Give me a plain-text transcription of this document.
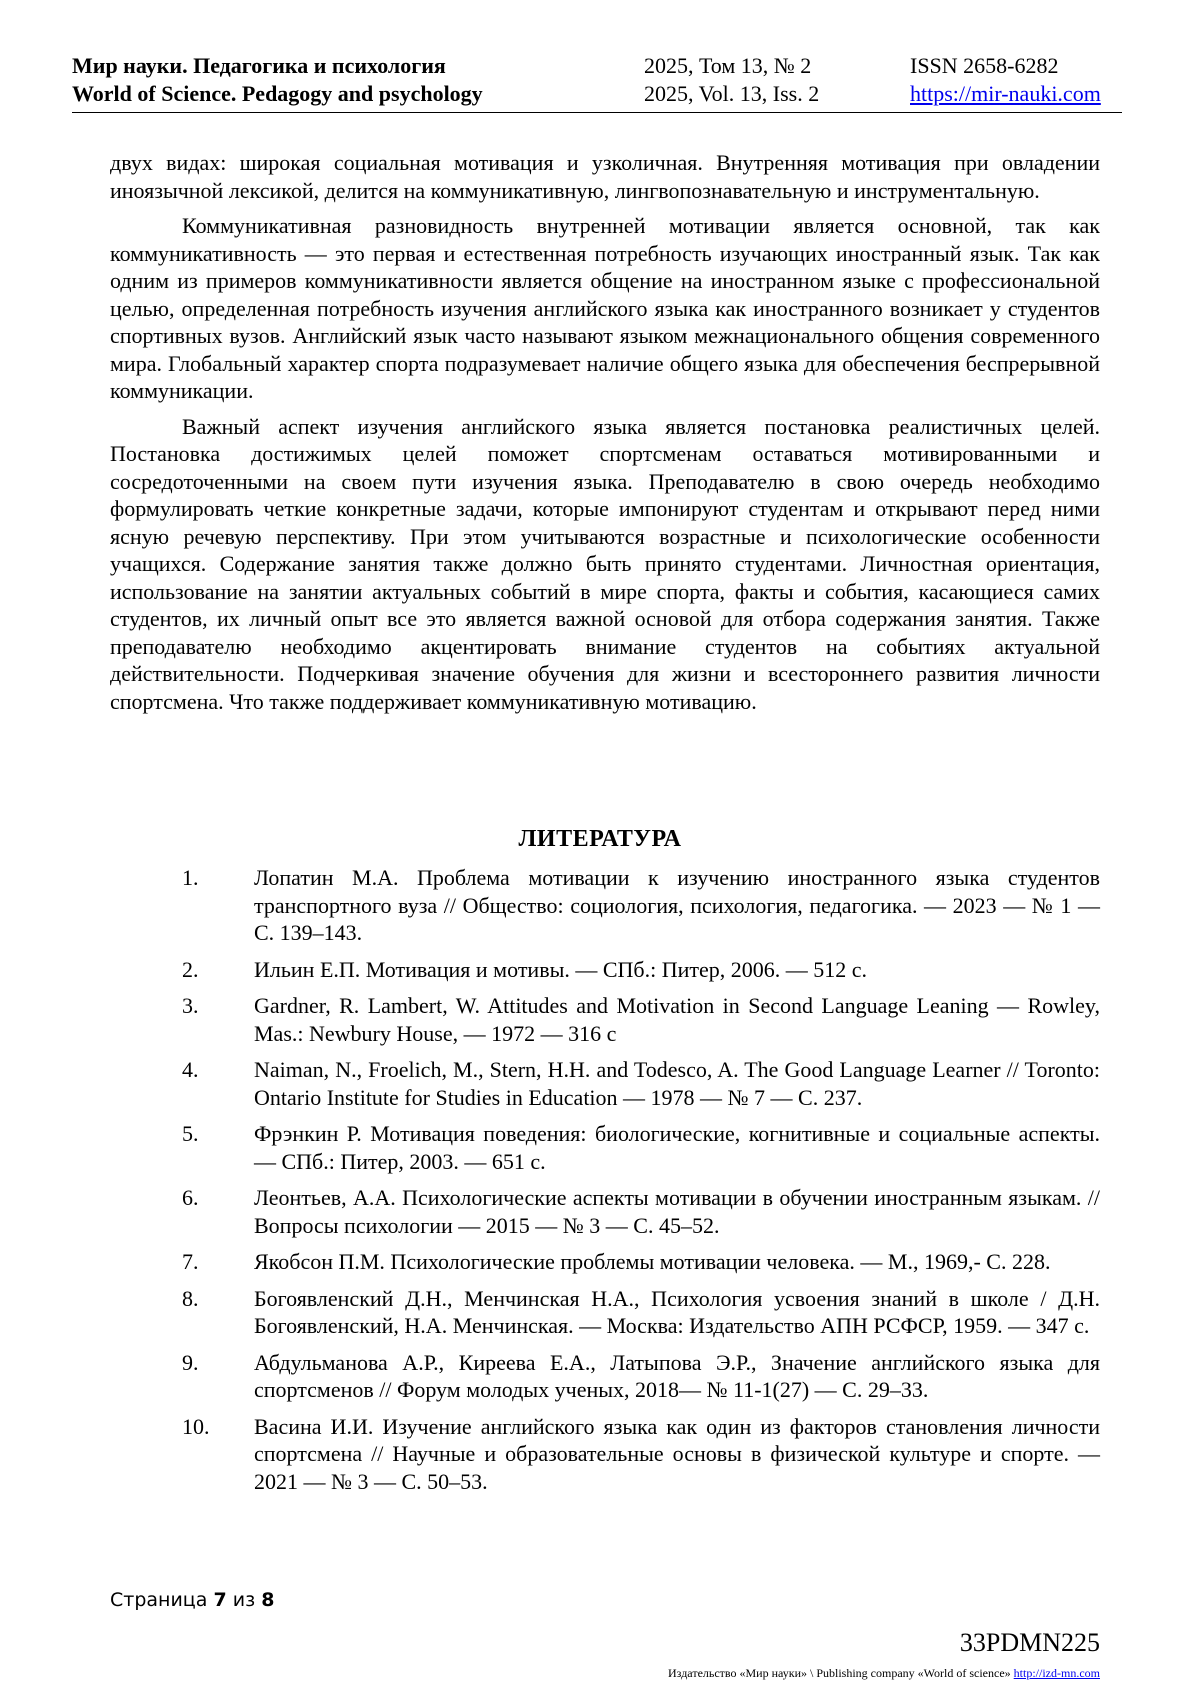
Мир науки. Педагогика и психология
World of Science. Pedagogy and psychology
2025, Том 13, № 2
2025, Vol. 13, Iss. 2
ISSN 2658-6282
https://mir-nauki.com

двух видах: широкая социальная мотивация и узколичная. Внутренняя мотивация при овладении иноязычной лексикой, делится на коммуникативную, лингвопознавательную и инструментальную.

Коммуникативная разновидность внутренней мотивации является основной, так как коммуникативность — это первая и естественная потребность изучающих иностранный язык. Так как одним из примеров коммуникативности является общение на иностранном языке с профессиональной целью, определенная потребность изучения английского языка как иностранного возникает у студентов спортивных вузов. Английский язык часто называют языком межнационального общения современного мира. Глобальный характер спорта подразумевает наличие общего языка для обеспечения беспрерывной коммуникации.

Важный аспект изучения английского языка является постановка реалистичных целей. Постановка достижимых целей поможет спортсменам оставаться мотивированными и сосредоточенными на своем пути изучения языка. Преподавателю в свою очередь необходимо формулировать четкие конкретные задачи, которые импонируют студентам и открывают перед ними ясную речевую перспективу. При этом учитываются возрастные и психологические особенности учащихся. Содержание занятия также должно быть принято студентами. Личностная ориентация, использование на занятии актуальных событий в мире спорта, факты и события, касающиеся самих студентов, их личный опыт все это является важной основой для отбора содержания занятия. Также преподавателю необходимо акцентировать внимание студентов на событиях актуальной действительности. Подчеркивая значение обучения для жизни и всестороннего развития личности спортсмена. Что также поддерживает коммуникативную мотивацию.

ЛИТЕРАТУРА
1.	Лопатин М.А. Проблема мотивации к изучению иностранного языка студентов транспортного вуза // Общество: социология, психология, педагогика. — 2023 — № 1 — С. 139–143.
2.	Ильин Е.П. Мотивация и мотивы. — СПб.: Питер, 2006. — 512 с.
3.	Gardner, R. Lambert, W. Attitudes and Motivation in Second Language Leaning — Rowley, Mas.: Newbury House, — 1972 — 316 с
4.	Naiman, N., Froelich, M., Stern, H.H. and Todesco, A. The Good Language Learner // Toronto: Ontario Institute for Studies in Education — 1978 — № 7 — С. 237.
5.	Фрэнкин Р. Мотивация поведения: биологические, когнитивные и социальные аспекты. — СПб.: Питер, 2003. — 651 с.
6.	Леонтьев, А.А. Психологические аспекты мотивации в обучении иностранным языкам. // Вопросы психологии — 2015 — № 3 — С. 45–52.
7.	Якобсон П.М. Психологические проблемы мотивации человека. — М., 1969,- С. 228.
8.	Богоявленский Д.Н., Менчинская Н.А., Психология усвоения знаний в школе / Д.Н. Богоявленский, Н.А. Менчинская. — Москва: Издательство АПН РСФСР, 1959. — 347 с.
9.	Абдульманова А.Р., Киреева Е.А., Латыпова Э.Р., Значение английского языка для спортсменов // Форум молодых ученых, 2018— № 11-1(27) — С. 29–33.
10. Васина И.И. Изучение английского языка как один из факторов становления личности спортсмена // Научные и образовательные основы в физической культуре и спорте. — 2021 — № 3 — С. 50–53.
Страница 7 из 8
33PDMN225
Издательство «Мир науки» \ Publishing company «World of science» http://izd-mn.com
